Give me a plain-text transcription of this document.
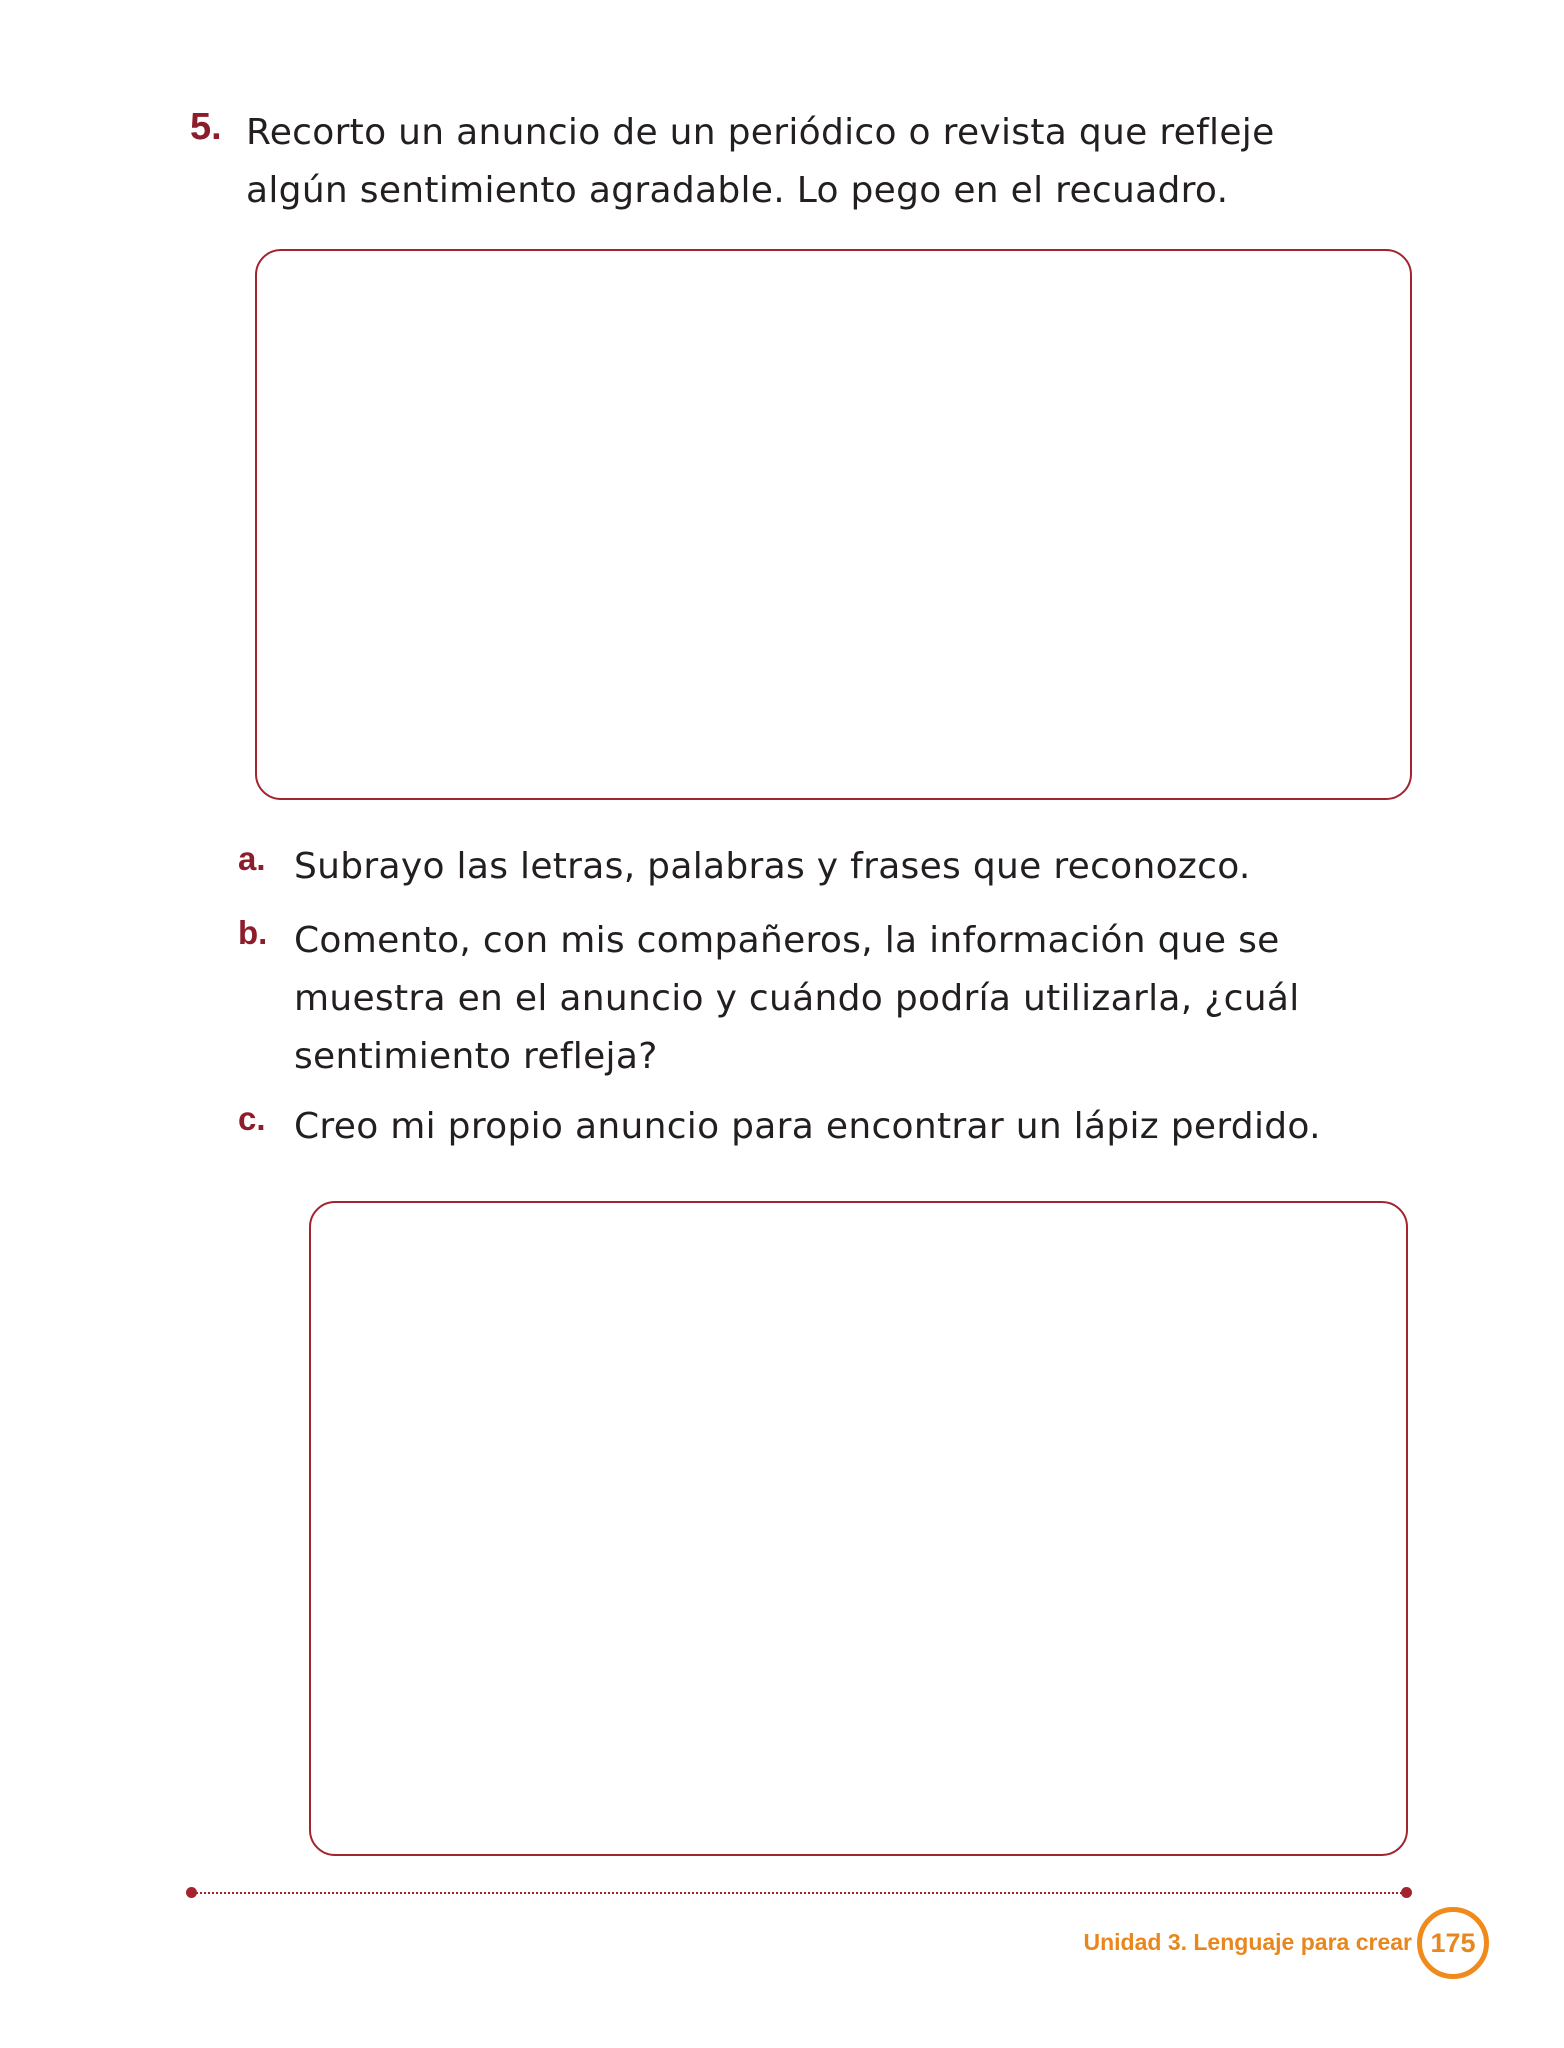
5. Recorto un anuncio de un periódico o revista que refleje algún sentimiento agradable. Lo pego en el recuadro.
a. Subrayo las letras, palabras y frases que reconozco.
b. Comento, con mis compañeros, la información que se muestra en el anuncio y cuándo podría utilizarla, ¿cuál sentimiento refleja?
c. Creo mi propio anuncio para encontrar un lápiz perdido.
Unidad 3. Lenguaje para crear 175
